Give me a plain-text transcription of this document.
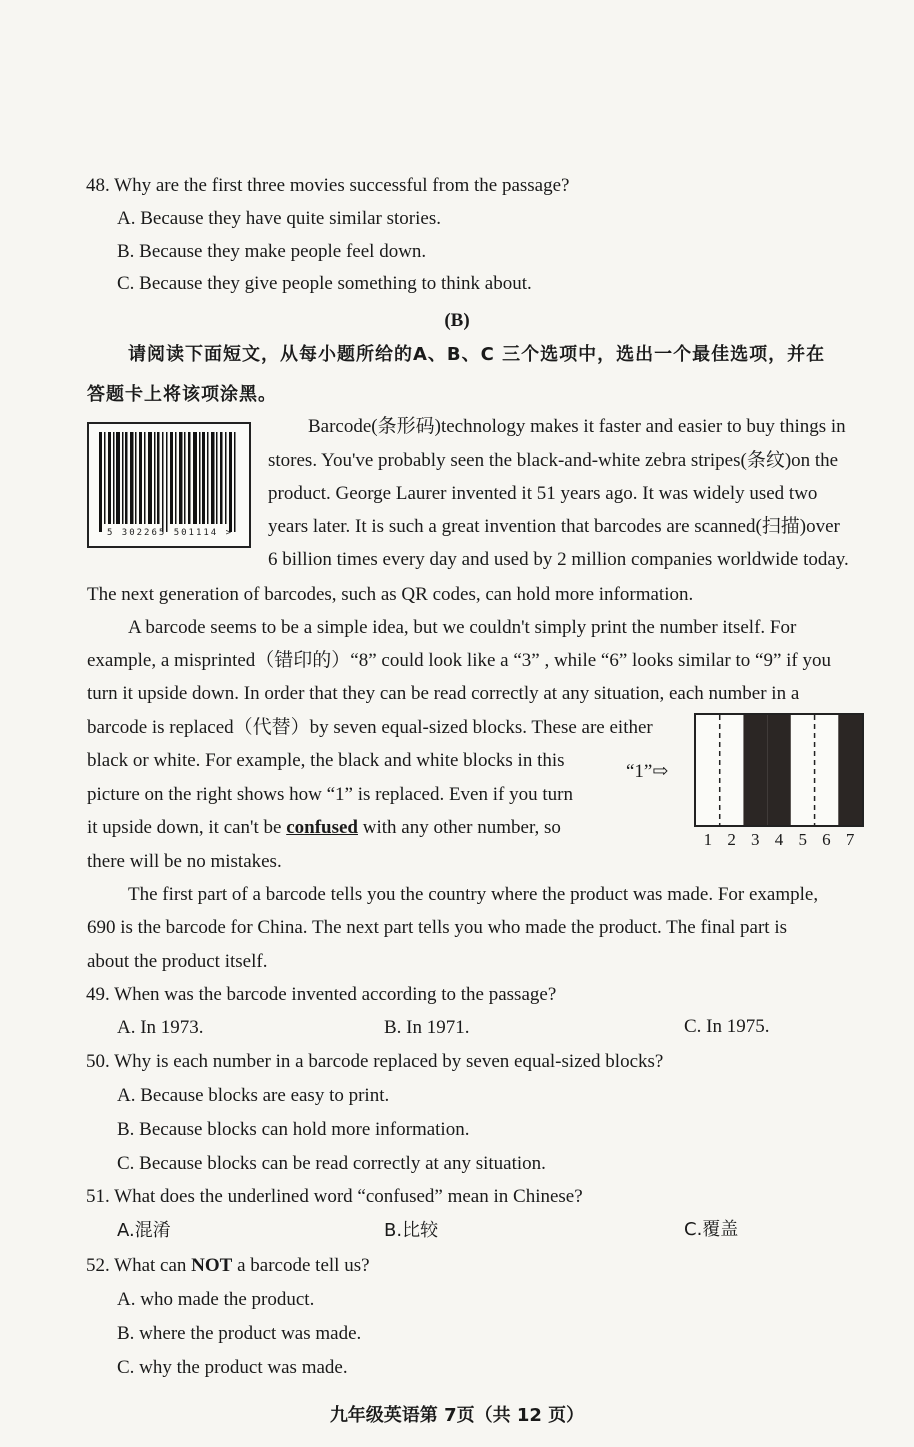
48. Why are the first three movies successful from the passage?
A. Because they have quite similar stories.
B. Because they make people feel down.
C. Because they give people something to think about.
(B)
请阅读下面短文，从每小题所给的A、B、C 三个选项中，选出一个最佳选项，并在
答题卡上将该项涂黑。
5 302265 501114 >
Barcode(条形码)technology makes it faster and easier to buy things in
stores. You've probably seen the black-and-white zebra stripes(条纹)on the
product. George Laurer invented it 51 years ago. It was widely used two
years later. It is such a great invention that barcodes are scanned(扫描)over
6 billion times every day and used by 2 million companies worldwide today.
The next generation of barcodes, such as QR codes, can hold more information.
A barcode seems to be a simple idea, but we couldn't simply print the number itself. For
example, a misprinted（错印的）“8” could look like a “3” , while “6” looks similar to “9” if you
turn it upside down. In order that they can be read correctly at any situation, each number in a
barcode is replaced（代替）by seven equal-sized blocks. These are either
black or white. For example, the black and white blocks in this
picture on the right shows how “1” is replaced. Even if you turn
it upside down, it can't be confused with any other number, so
there will be no mistakes.
“1”⇨
1 2 3 4 5 6 7
The first part of a barcode tells you the country where the product was made. For example,
690 is the barcode for China. The next part tells you who made the product. The final part is
about the product itself.
49. When was the barcode invented according to the passage?
A. In 1973.	B. In 1971.	C. In 1975.
50. Why is each number in a barcode replaced by seven equal-sized blocks?
A. Because blocks are easy to print.
B. Because blocks can hold more information.
C. Because blocks can be read correctly at any situation.
51. What does the underlined word “confused” mean in Chinese?
A.混淆	B.比较	C.覆盖
52. What can NOT a barcode tell us?
A. who made the product.
B. where the product was made.
C. why the product was made.
九年级英语第 7页（共 12 页）
